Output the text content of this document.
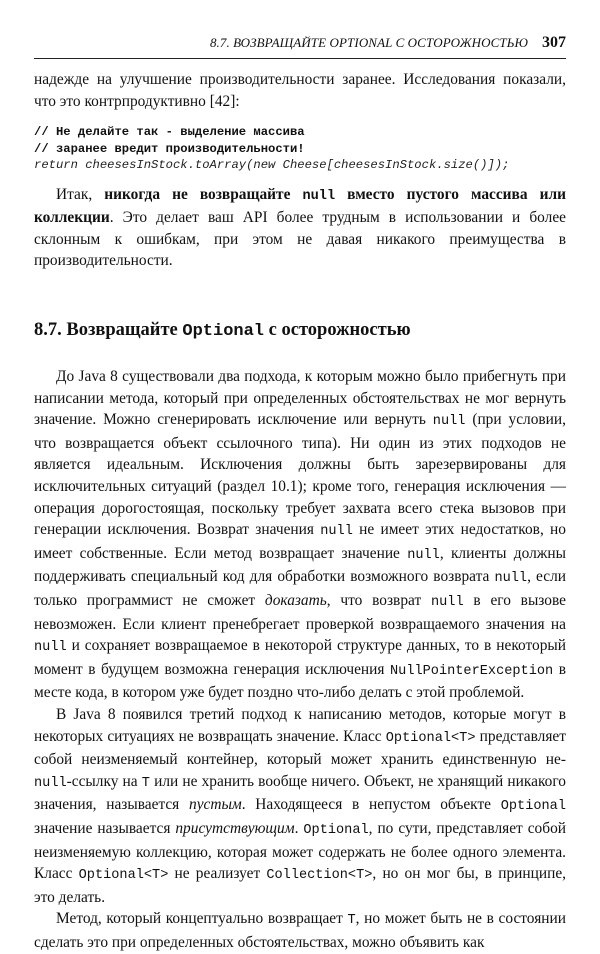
8.7. ВОЗВРАЩАЙТЕ OPTIONAL С ОСТОРОЖНОСТЬЮ 307

надежде на улучшение производительности заранее. Исследования показали, что это контрпродуктивно [42]:

// Не делайте так - выделение массива
// заранее вредит производительности!
return cheesesInStock.toArray(new Cheese[cheesesInStock.size()]);

Итак, никогда не возвращайте null вместо пустого массива или коллекции. Это делает ваш API более трудным в использовании и более склонным к ошибкам, при этом не давая никакого преимущества в производительности.

8.7. Возвращайте Optional с осторожностью

До Java 8 существовали два подхода, к которым можно было прибегнуть при написании метода, который при определенных обстоятельствах не мог вернуть значение. Можно сгенерировать исключение или вернуть null (при условии, что возвращается объект ссылочного типа). Ни один из этих подходов не является идеальным. Исключения должны быть зарезервированы для исключительных ситуаций (раздел 10.1); кроме того, генерация исключения — операция дорогостоящая, поскольку требует захвата всего стека вызовов при генерации исключения. Возврат значения null не имеет этих недостатков, но имеет собственные. Если метод возвращает значение null, клиенты должны поддерживать специальный код для обработки возможного возврата null, если только программист не сможет доказать, что возврат null в его вызове невозможен. Если клиент пренебрегает проверкой возвращаемого значения на null и сохраняет возвращаемое в некоторой структуре данных, то в некоторый момент в будущем возможна генерация исключения NullPointerException в месте кода, в котором уже будет поздно что-либо делать с этой проблемой.

В Java 8 появился третий подход к написанию методов, которые могут в некоторых ситуациях не возвращать значение. Класс Optional<T> представляет собой неизменяемый контейнер, который может хранить единственную не-null-ссылку на T или не хранить вообще ничего. Объект, не хранящий никакого значения, называется пустым. Находящееся в непустом объекте Optional значение называется присутствующим. Optional, по сути, представляет собой неизменяемую коллекцию, которая может содержать не более одного элемента. Класс Optional<T> не реализует Collection<T>, но он мог бы, в принципе, это делать.

Метод, который концептуально возвращает T, но может быть не в состоянии сделать это при определенных обстоятельствах, можно объявить как
